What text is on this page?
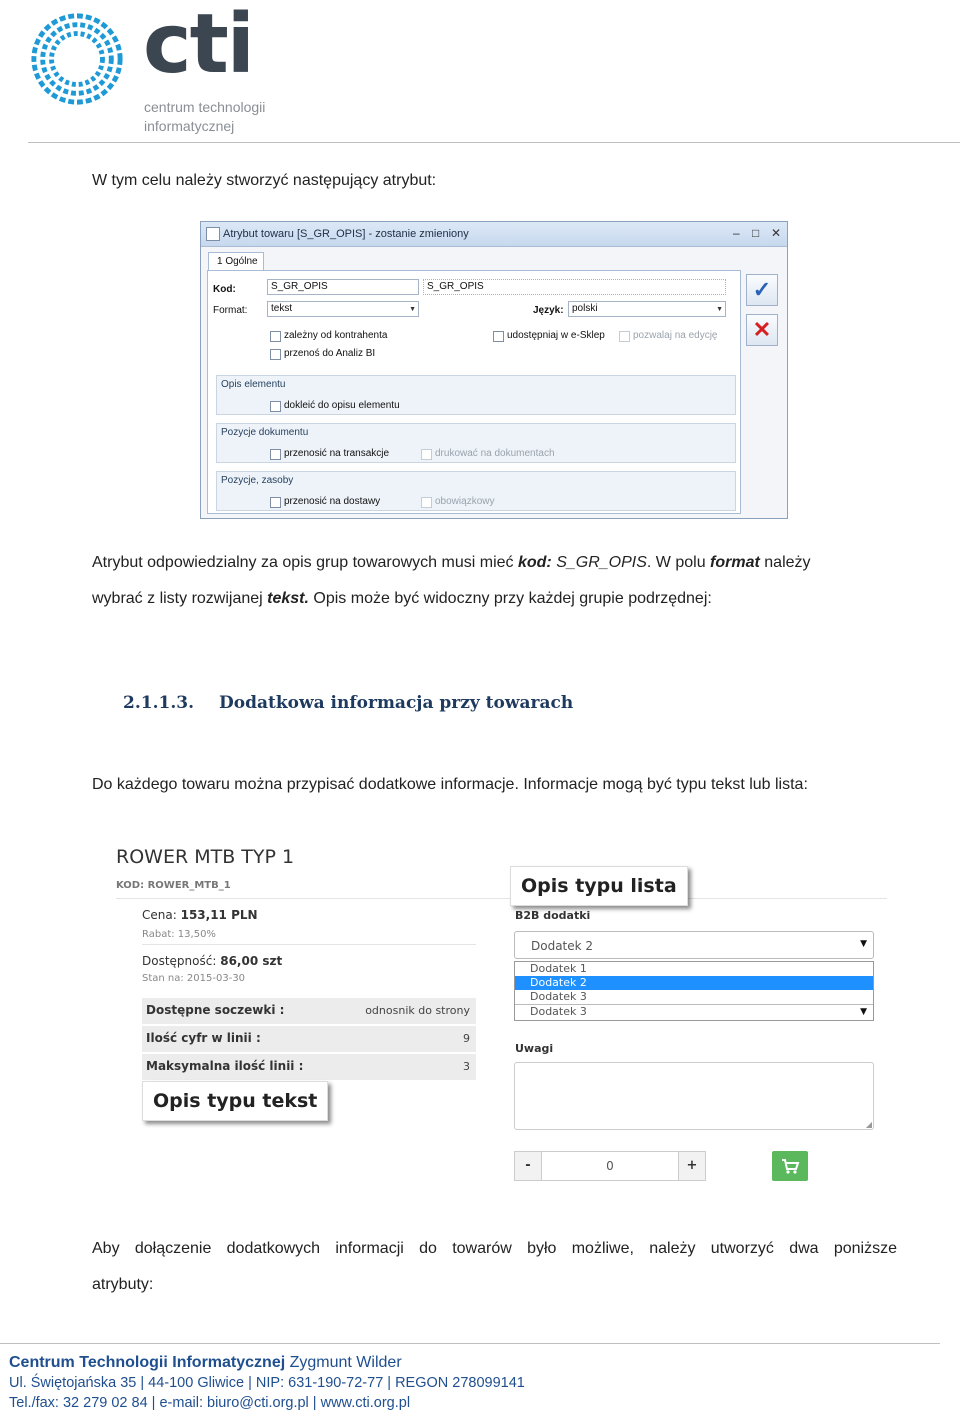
cti
centrum technologii
informatycznej
W tym celu należy stworzyć następujący atrybut:
Atrybut towaru [S_GR_OPIS] - zostanie zmieniony	– □ ✕
1 Ogólne
Kod:	S_GR_OPIS	S_GR_OPIS
Format:	tekst	▼	Język: polski	▼
zależny od kontrahenta	udostępniaj w e-Sklep	pozwalaj na edycję
przenoś do Analiz BI
Opis elementu
dokleić do opisu elementu
Pozycje dokumentu
przenosić na transakcje	drukować na dokumentach
Pozycje, zasoby
przenosić na dostawy	obowiązkowy
✓
✕
Atrybut odpowiedzialny za opis grup towarowych musi mieć kod: S_GR_OPIS. W polu format należy
wybrać z listy rozwijanej tekst. Opis może być widoczny przy każdej grupie podrzędnej:
2.1.1.3. Dodatkowa informacja przy towarach
Do każdego towaru można przypisać dodatkowe informacje. Informacje mogą być typu tekst lub lista:
ROWER MTB TYP 1
KOD: ROWER_MTB_1
Cena: 153,11 PLN
Rabat: 13,50%
Dostępność: 86,00 szt
Stan na: 2015-03-30
Dostępne soczewki :	odnosnik do strony
Ilość cyfr w linii :	9
Maksymalna ilość linii :	3
Opis typu tekst
Opis typu lista
B2B dodatki
Dodatek 2	▼
Dodatek 1
Dodatek 2
Dodatek 3
Dodatek 3	▼
Uwagi
◢
-	0	+
Aby dołączenie dodatkowych informacji do towarów było możliwe, należy utworzyć dwa poniższe
atrybuty:
Centrum Technologii Informatycznej Zygmunt Wilder
Ul. Świętojańska 35 | 44-100 Gliwice | NIP: 631-190-72-77 | REGON 278099141
Tel./fax: 32 279 02 84 | e-mail: biuro@cti.org.pl | www.cti.org.pl
